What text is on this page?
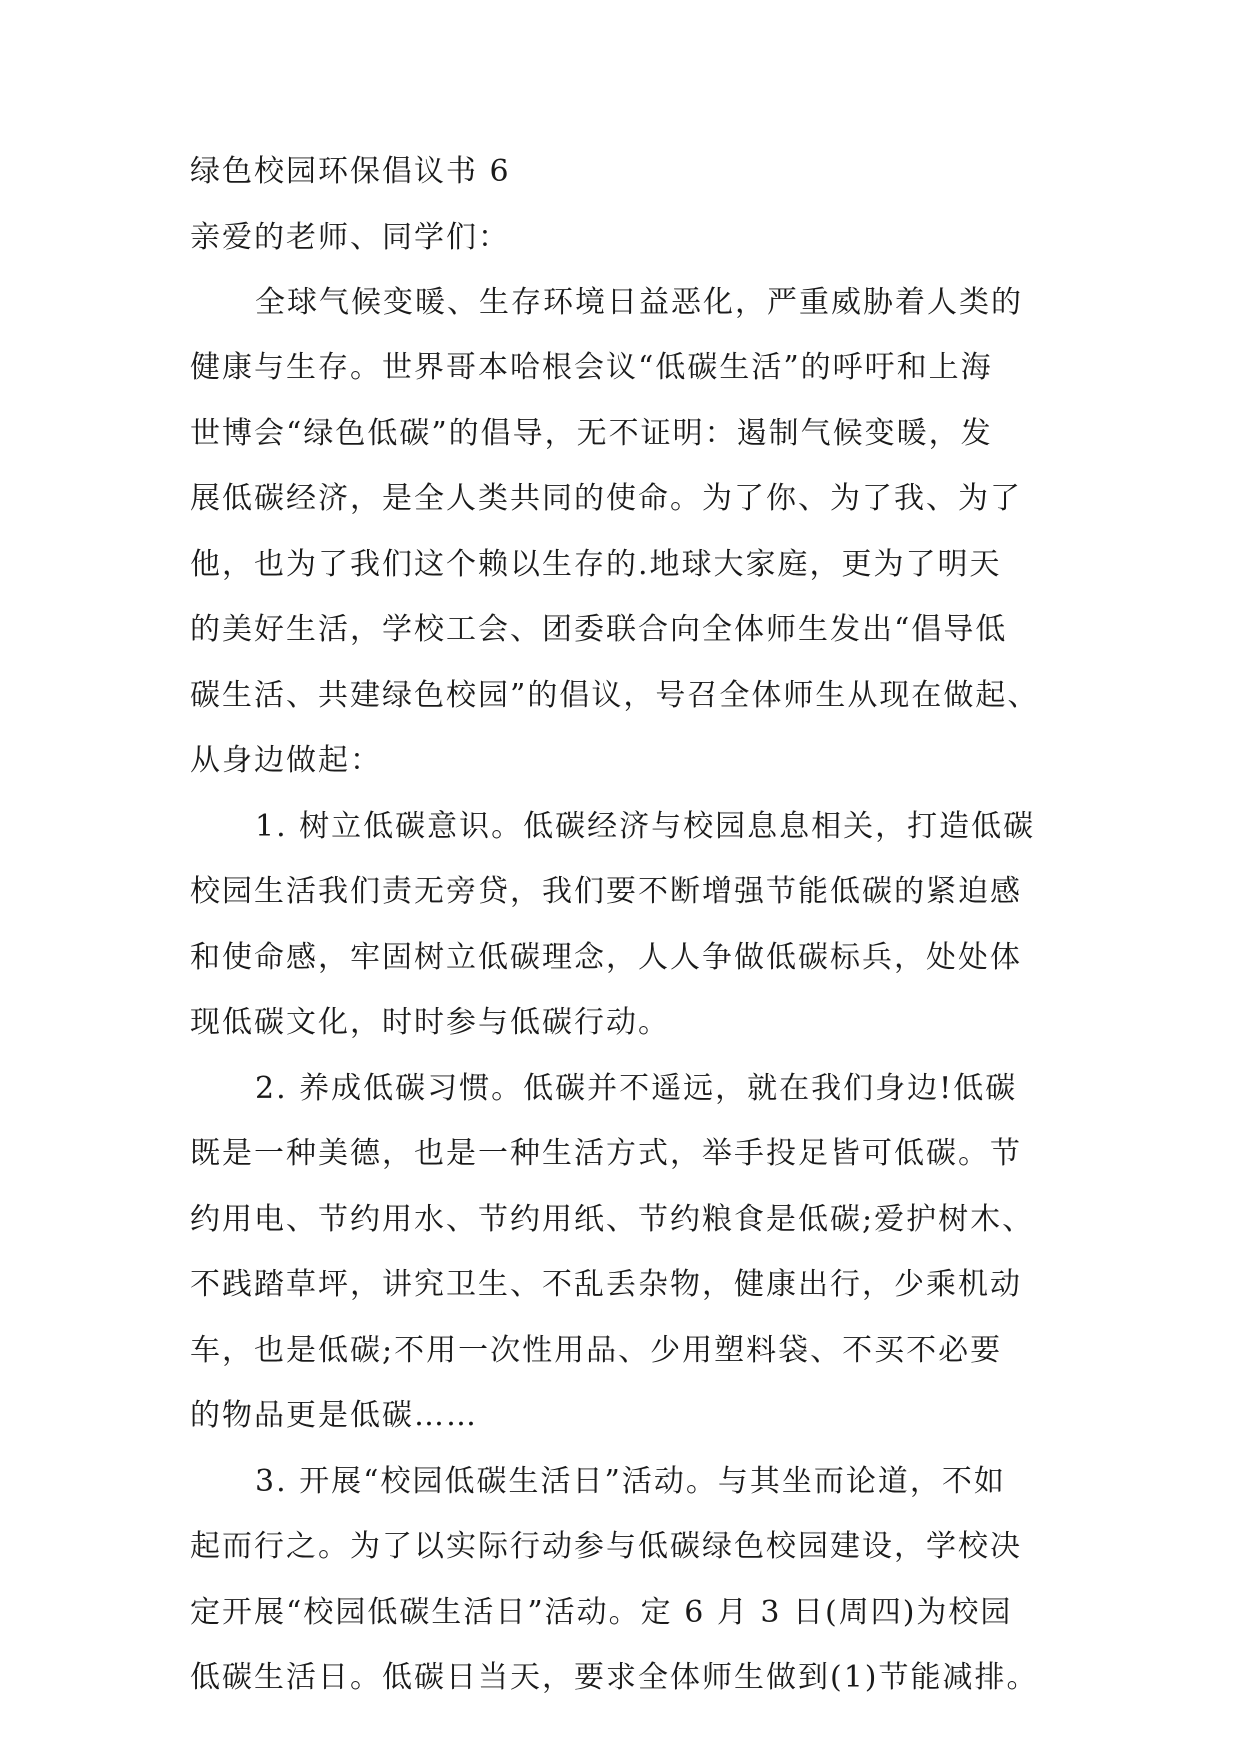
绿色校园环保倡议书 6
亲爱的老师、同学们：
全球气候变暖、生存环境日益恶化，严重威胁着人类的
健康与生存。世界哥本哈根会议“低碳生活”的呼吁和上海
世博会“绿色低碳”的倡导，无不证明：遏制气候变暖，发
展低碳经济，是全人类共同的使命。为了你、为了我、为了
他，也为了我们这个赖以生存的.地球大家庭，更为了明天
的美好生活，学校工会、团委联合向全体师生发出“倡导低
碳生活、共建绿色校园”的倡议，号召全体师生从现在做起、
从身边做起：
1. 树立低碳意识。低碳经济与校园息息相关，打造低碳
校园生活我们责无旁贷，我们要不断增强节能低碳的紧迫感
和使命感，牢固树立低碳理念，人人争做低碳标兵，处处体
现低碳文化，时时参与低碳行动。
2. 养成低碳习惯。低碳并不遥远，就在我们身边!低碳
既是一种美德，也是一种生活方式，举手投足皆可低碳。节
约用电、节约用水、节约用纸、节约粮食是低碳;爱护树木、
不践踏草坪，讲究卫生、不乱丢杂物，健康出行，少乘机动
车，也是低碳;不用一次性用品、少用塑料袋、不买不必要
的物品更是低碳……
3. 开展“校园低碳生活日”活动。与其坐而论道，不如
起而行之。为了以实际行动参与低碳绿色校园建设，学校决
定开展“校园低碳生活日”活动。定 6 月 3 日(周四)为校园
低碳生活日。低碳日当天，要求全体师生做到(1)节能减排。
